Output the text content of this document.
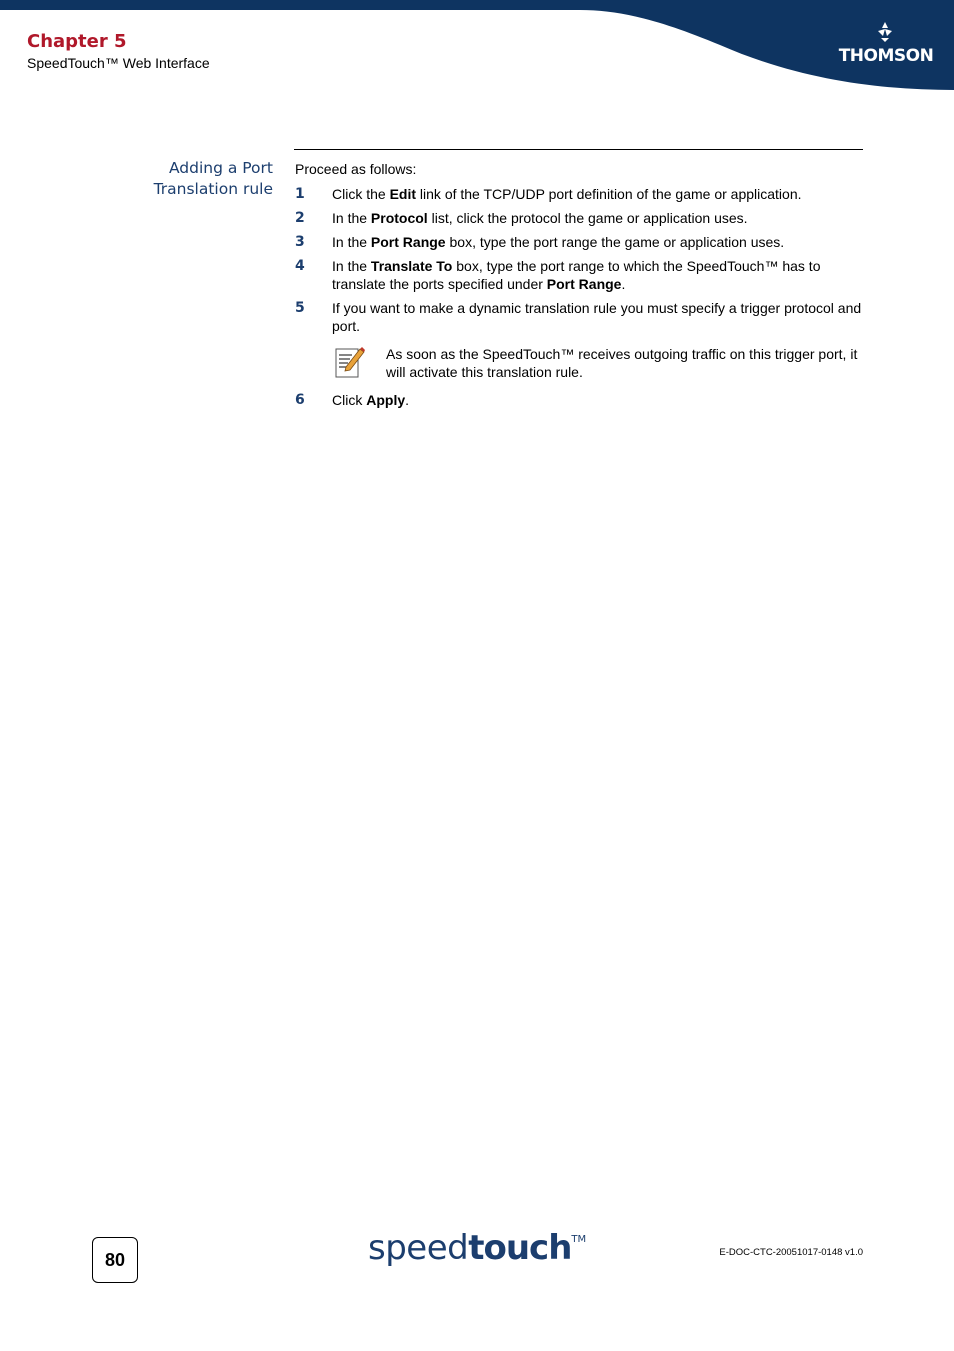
Chapter 5
SpeedTouch™ Web Interface	THOMSON
Adding a Port
Translation rule
Proceed as follows:
1 Click the Edit link of the TCP/UDP port definition of the game or application.
2 In the Protocol list, click the protocol the game or application uses.
3 In the Port Range box, type the port range the game or application uses.
4 In the Translate To box, type the port range to which the SpeedTouch™ has to translate the ports specified under Port Range.
5 If you want to make a dynamic translation rule you must specify a trigger protocol and port.
As soon as the SpeedTouch™ receives outgoing traffic on this trigger port, it will activate this translation rule.
6 Click Apply.
80	speedtouch™
E-DOC-CTC-20051017-0148 v1.0
